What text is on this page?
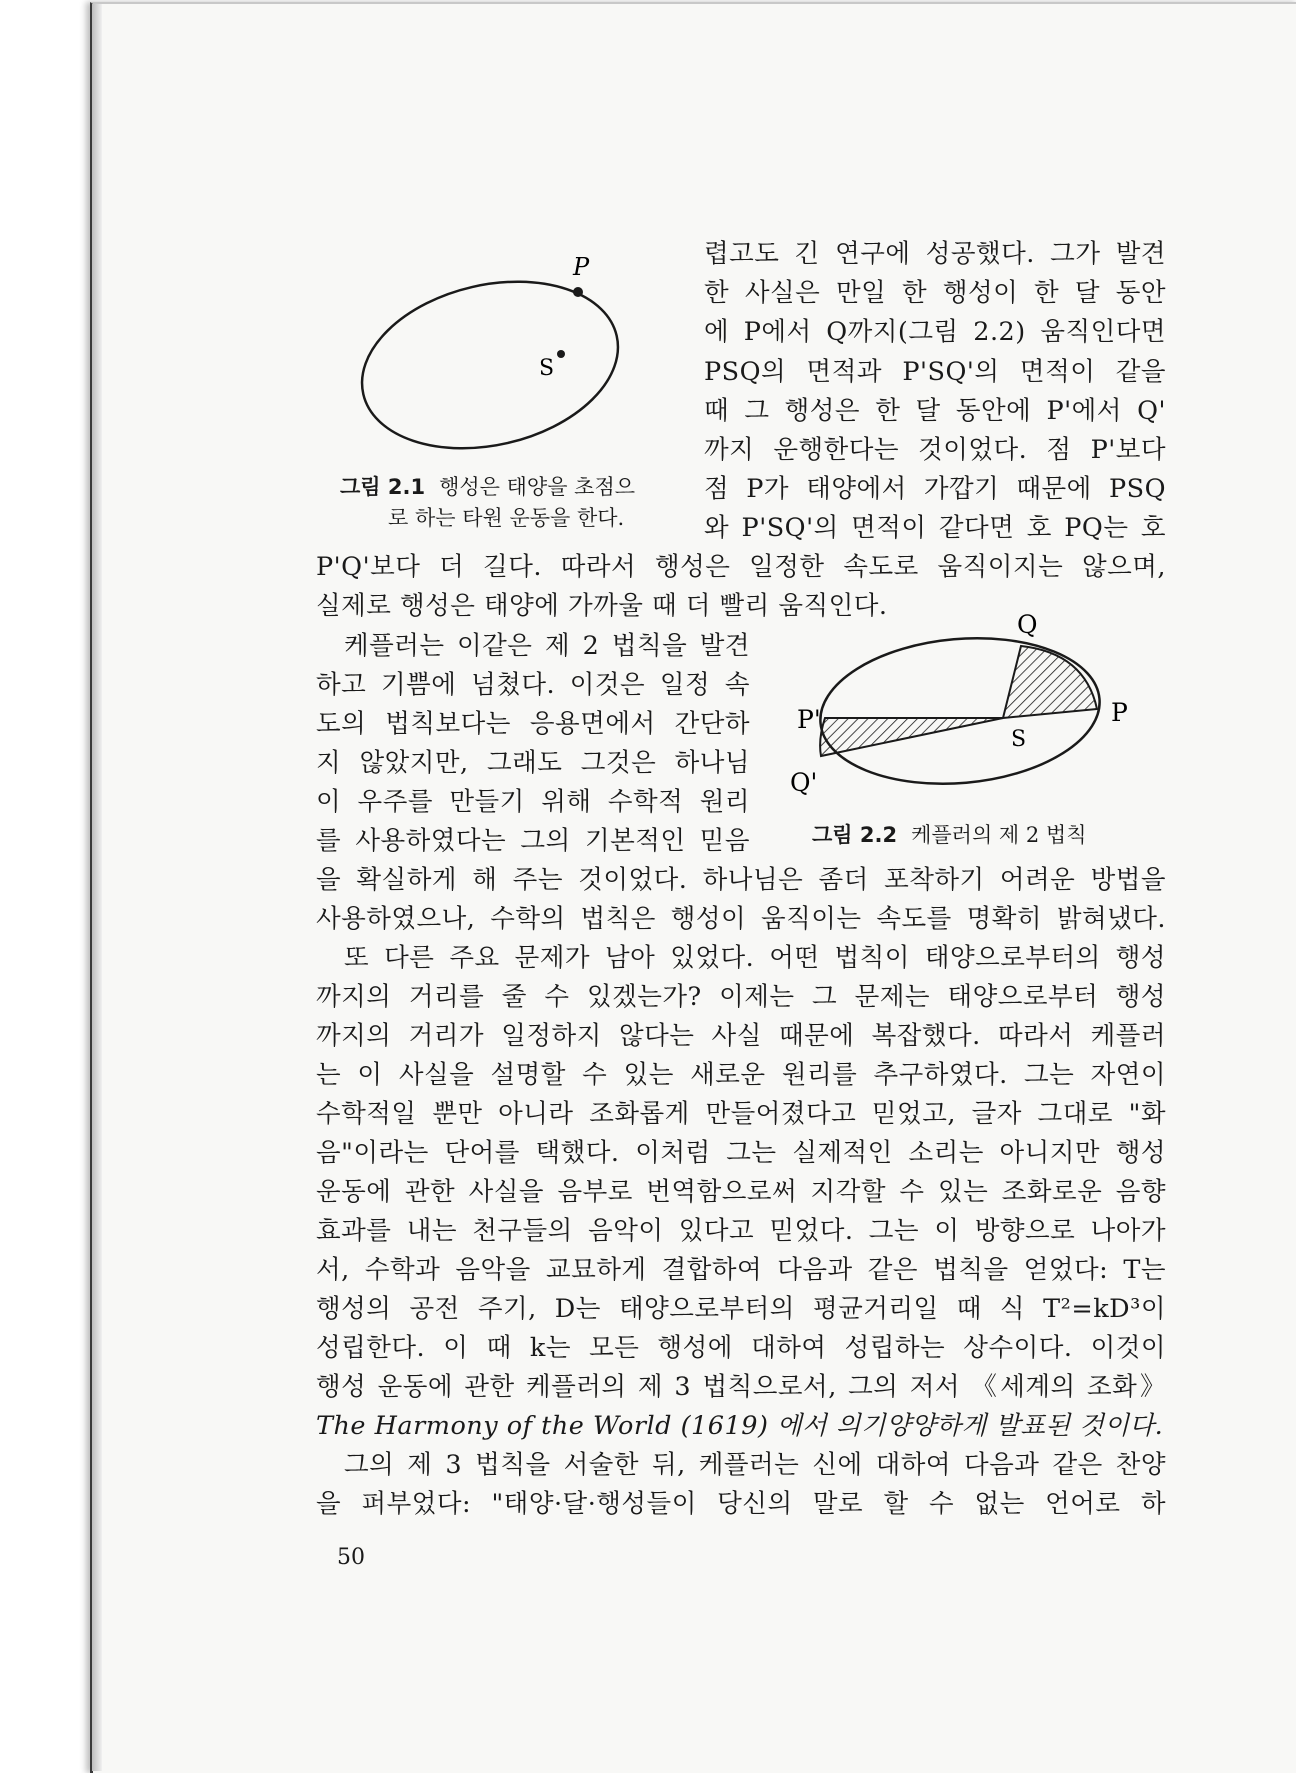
P
S
그림 2.1 행성은 태양을 초점으
로 하는 타원 운동을 한다.
렵고도 긴 연구에 성공했다. 그가 발견
한 사실은 만일 한 행성이 한 달 동안
에 P에서 Q까지(그림 2.2) 움직인다면
PSQ의 면적과 P'SQ'의 면적이 같을
때 그 행성은 한 달 동안에 P'에서 Q'
까지 운행한다는 것이었다. 점 P'보다
점 P가 태양에서 가깝기 때문에 PSQ
와 P'SQ'의 면적이 같다면 호 PQ는 호
P'Q'보다 더 길다. 따라서 행성은 일정한 속도로 움직이지는 않으며,
실제로 행성은 태양에 가까울 때 더 빨리 움직인다.
Q
P
S
P'
Q'
그림 2.2 케플러의 제 2 법칙
케플러는 이같은 제 2 법칙을 발견
하고 기쁨에 넘쳤다. 이것은 일정 속
도의 법칙보다는 응용면에서 간단하
지 않았지만, 그래도 그것은 하나님
이 우주를 만들기 위해 수학적 원리
를 사용하였다는 그의 기본적인 믿음
을 확실하게 해 주는 것이었다. 하나님은 좀더 포착하기 어려운 방법을
사용하였으나, 수학의 법칙은 행성이 움직이는 속도를 명확히 밝혀냈다.
또 다른 주요 문제가 남아 있었다. 어떤 법칙이 태양으로부터의 행성
까지의 거리를 줄 수 있겠는가? 이제는 그 문제는 태양으로부터 행성
까지의 거리가 일정하지 않다는 사실 때문에 복잡했다. 따라서 케플러
는 이 사실을 설명할 수 있는 새로운 원리를 추구하였다. 그는 자연이
수학적일 뿐만 아니라 조화롭게 만들어졌다고 믿었고, 글자 그대로 "화
음"이라는 단어를 택했다. 이처럼 그는 실제적인 소리는 아니지만 행성
운동에 관한 사실을 음부로 번역함으로써 지각할 수 있는 조화로운 음향
효과를 내는 천구들의 음악이 있다고 믿었다. 그는 이 방향으로 나아가
서, 수학과 음악을 교묘하게 결합하여 다음과 같은 법칙을 얻었다: T는
행성의 공전 주기, D는 태양으로부터의 평균거리일 때 식 T²=kD³이
성립한다. 이 때 k는 모든 행성에 대하여 성립하는 상수이다. 이것이
행성 운동에 관한 케플러의 제 3 법칙으로서, 그의 저서 《세계의 조화》
The Harmony of the World (1619) 에서 의기양양하게 발표된 것이다.
그의 제 3 법칙을 서술한 뒤, 케플러는 신에 대하여 다음과 같은 찬양
을 퍼부었다: "태양·달·행성들이 당신의 말로 할 수 없는 언어로 하
50
